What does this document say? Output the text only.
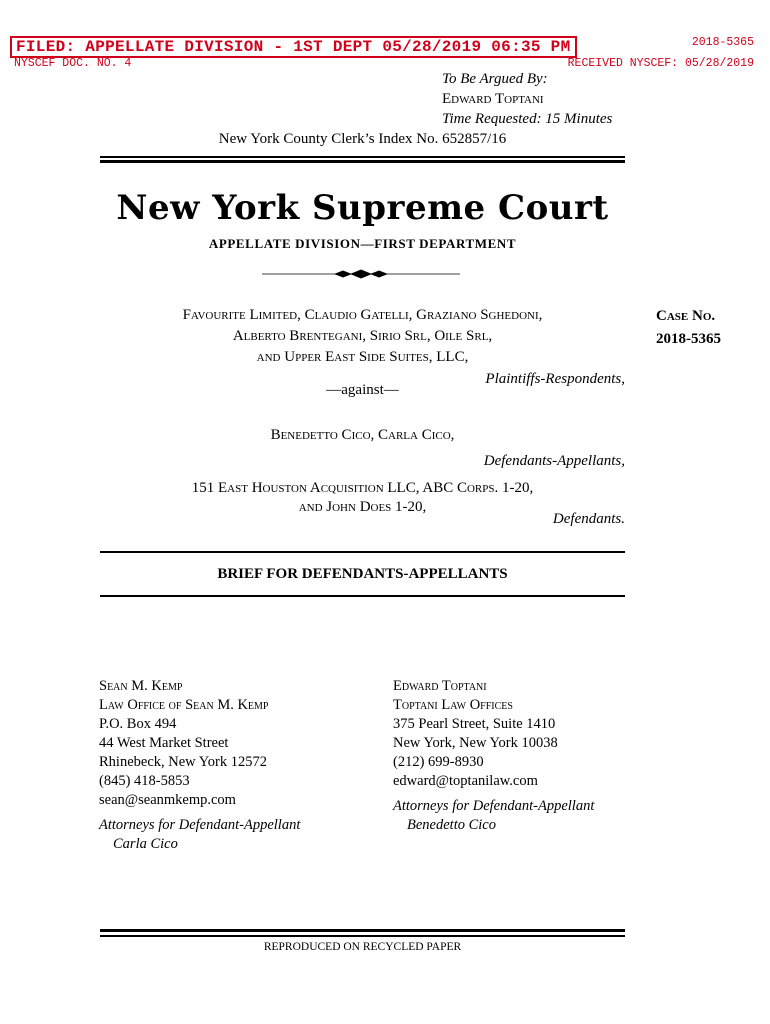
FILED: APPELLATE DIVISION - 1ST DEPT 05/28/2019 06:35 PM
NYSCEF DOC. NO. 4
2018-5365
RECEIVED NYSCEF: 05/28/2019
To Be Argued By:
Edward Toptani
Time Requested: 15 Minutes
New York County Clerk’s Index No. 652857/16
New York Supreme Court
APPELLATE DIVISION—FIRST DEPARTMENT
Favourite Limited, Claudio Gatelli, Graziano Sghedoni,
Alberto Brentegani, Sirio Srl, Oile Srl,
and Upper East Side Suites, LLC,
Plaintiffs-Respondents,
—against—
Case No.
2018-5365
Benedetto Cico, Carla Cico,
Defendants-Appellants,
151 East Houston Acquisition LLC, ABC Corps. 1-20,
and John Does 1-20,
Defendants.
BRIEF FOR DEFENDANTS-APPELLANTS
Sean M. Kemp
Law Office of Sean M. Kemp
P.O. Box 494
44 West Market Street
Rhinebeck, New York 12572
(845) 418-5853
sean@seanmkemp.com
Attorneys for Defendant-Appellant
Carla Cico
Edward Toptani
Toptani Law Offices
375 Pearl Street, Suite 1410
New York, New York 10038
(212) 699-8930
edward@toptanilaw.com
Attorneys for Defendant-Appellant
Benedetto Cico
REPRODUCED ON RECYCLED PAPER
